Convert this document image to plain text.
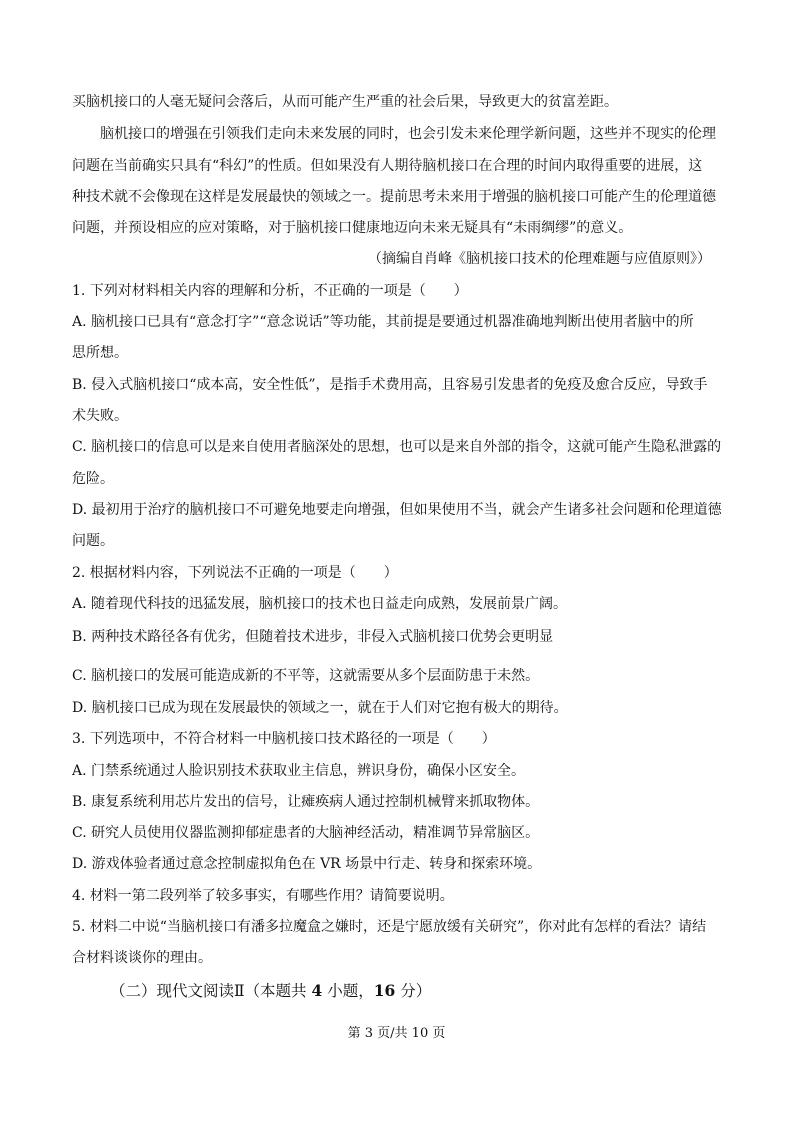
买脑机接口的人毫无疑问会落后，从而可能产生严重的社会后果，导致更大的贫富差距。
脑机接口的增强在引领我们走向未来发展的同时，也会引发未来伦理学新问题，这些并不现实的伦理
问题在当前确实只具有“科幻”的性质。但如果没有人期待脑机接口在合理的时间内取得重要的进展，这
种技术就不会像现在这样是发展最快的领域之一。提前思考未来用于增强的脑机接口可能产生的伦理道德
问题，并预设相应的应对策略，对于脑机接口健康地迈向未来无疑具有“未雨绸缪”的意义。
（摘编自肖峰《脑机接口技术的伦理难题与应值原则》）
1. 下列对材料相关内容的理解和分析，不正确的一项是（　　）
A. 脑机接口已具有“意念打字”“意念说话”等功能，其前提是要通过机器准确地判断出使用者脑中的所
思所想。
B. 侵入式脑机接口“成本高，安全性低”，是指手术费用高，且容易引发患者的免疫及愈合反应，导致手
术失败。
C. 脑机接口的信息可以是来自使用者脑深处的思想，也可以是来自外部的指令，这就可能产生隐私泄露的
危险。
D. 最初用于治疗的脑机接口不可避免地要走向增强，但如果使用不当，就会产生诸多社会问题和伦理道德
问题。
2. 根据材料内容，下列说法不正确的一项是（　　）
A. 随着现代科技的迅猛发展，脑机接口的技术也日益走向成熟，发展前景广阔。
B. 两种技术路径各有优劣，但随着技术进步，非侵入式脑机接口优势会更明显
C. 脑机接口的发展可能造成新的不平等，这就需要从多个层面防患于未然。
D. 脑机接口已成为现在发展最快的领域之一，就在于人们对它抱有极大的期待。
3. 下列选项中，不符合材料一中脑机接口技术路径的一项是（　　）
A. 门禁系统通过人脸识别技术获取业主信息，辨识身份，确保小区安全。
B. 康复系统利用芯片发出的信号，让瘫痪病人通过控制机械臂来抓取物体。
C. 研究人员使用仪器监测抑郁症患者的大脑神经活动，精准调节异常脑区。
D. 游戏体验者通过意念控制虚拟角色在 VR 场景中行走、转身和探索环境。
4. 材料一第二段列举了较多事实，有哪些作用？请简要说明。
5. 材料二中说“当脑机接口有潘多拉魔盒之嫌时，还是宁愿放缓有关研究”，你对此有怎样的看法？请结
合材料谈谈你的理由。
（二）现代文阅读Ⅱ（本题共 4 小题，16 分）
第 3 页/共 10 页
